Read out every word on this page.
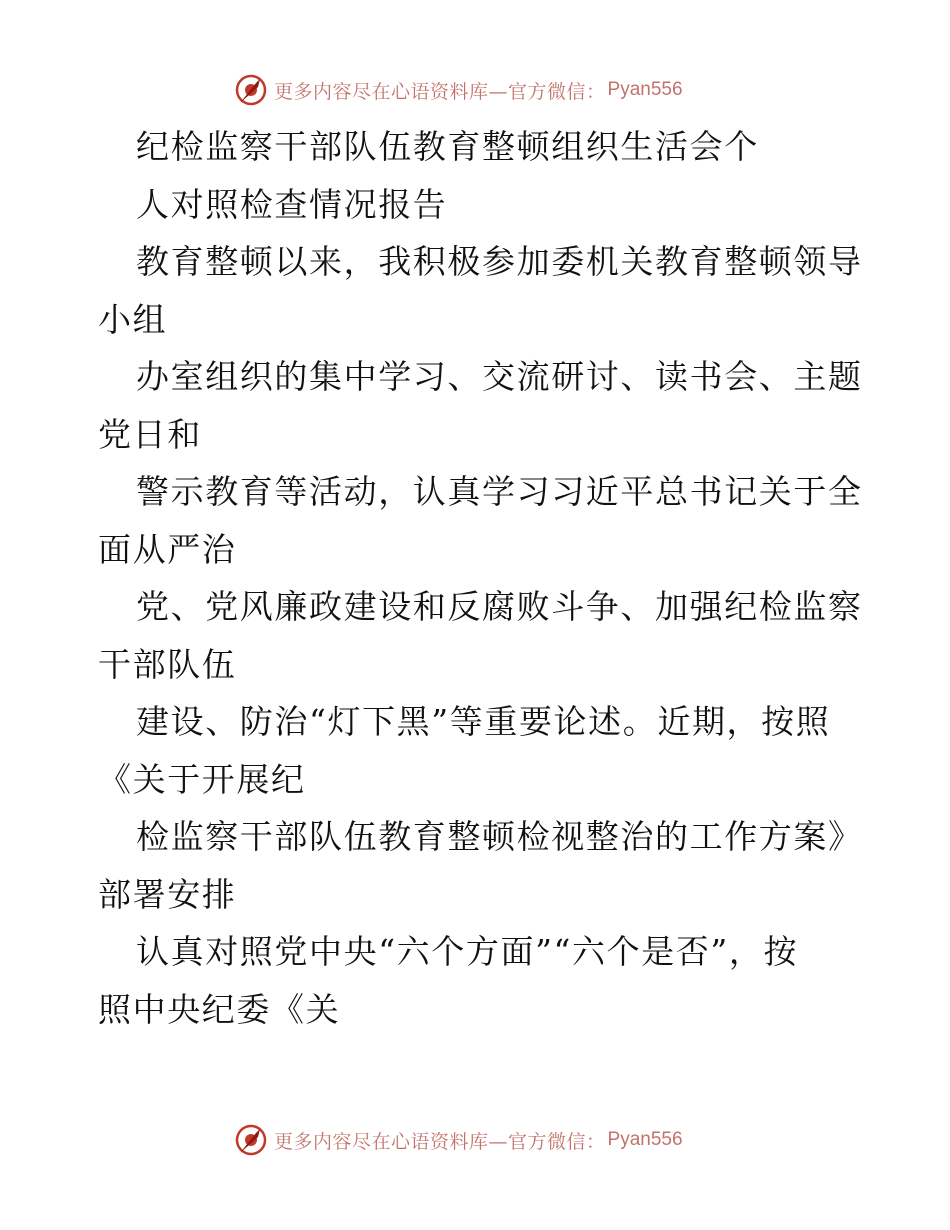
更多内容尽在心语资料库—官方微信： Pyan556
纪检监察干部队伍教育整顿组织生活会个
人对照检查情况报告
教育整顿以来，我积极参加委机关教育整顿领导
小组
办室组织的集中学习、交流研讨、读书会、主题
党日和
警示教育等活动，认真学习习近平总书记关于全
面从严治
党、党风廉政建设和反腐败斗争、加强纪检监察
干部队伍
建设、防治“灯下黑”等重要论述。近期，按照
《关于开展纪
检监察干部队伍教育整顿检视整治的工作方案》
部署安排
认真对照党中央“六个方面”“六个是否”，按
照中央纪委《关
更多内容尽在心语资料库—官方微信： Pyan556
